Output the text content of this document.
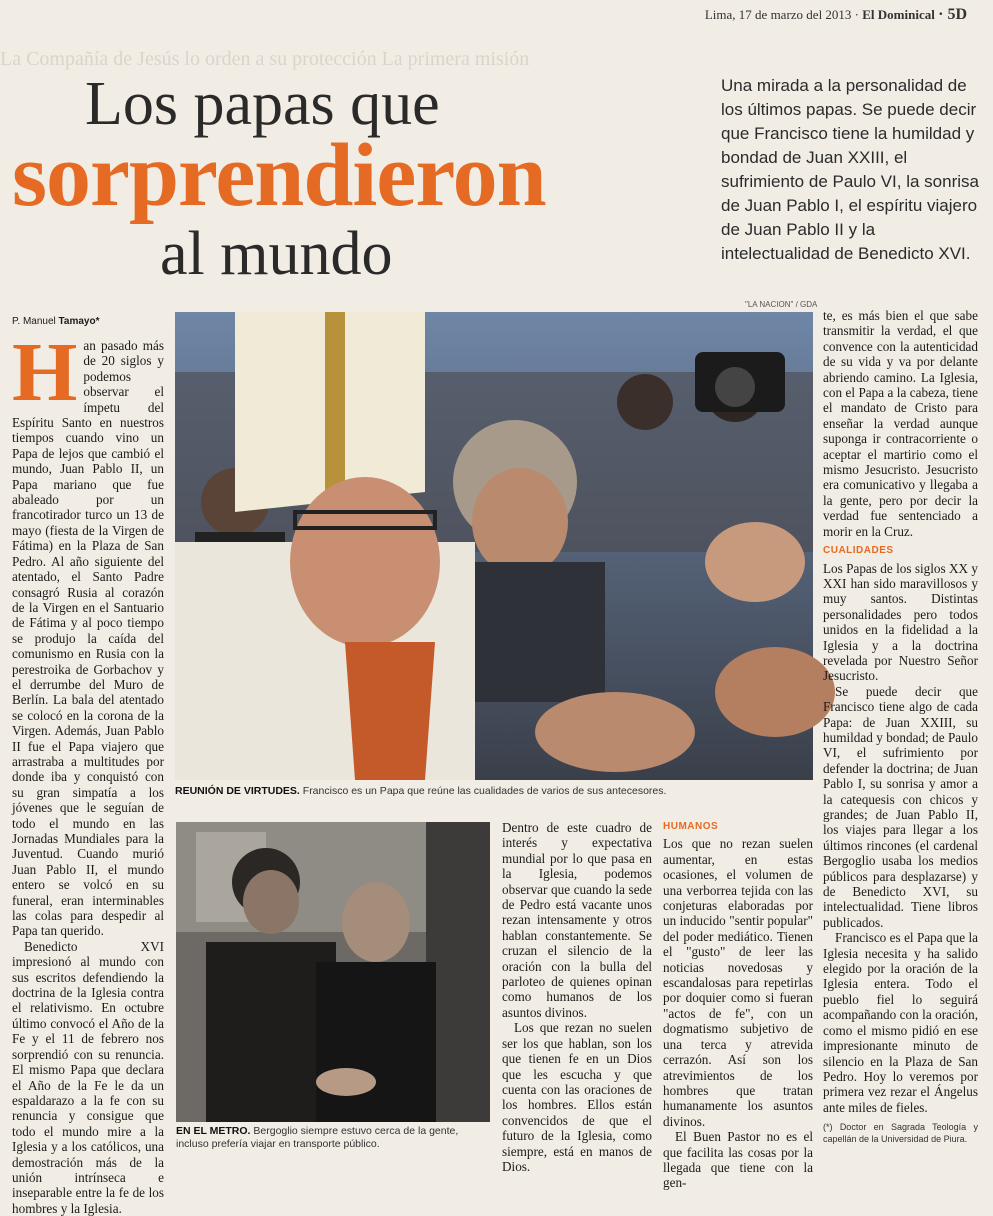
Lima, 17 de marzo del 2013 · El Dominical · 5D
La Compañía de Jesús lo orden a su protección La primera misión
Los papas que
sorprendieron
al mundo
Una mirada a la personalidad de los últimos papas. Se puede decir que Francisco tiene la humildad y bondad de Juan XXIII, el sufrimiento de Paulo VI, la sonrisa de Juan Pablo I, el espíritu viajero de Juan Pablo II y la intelectualidad de Benedicto XVI.
P. Manuel Tamayo*
"LA NACION" / GDA
H an pasado más de 20 siglos y podemos observar el ímpetu del Espíritu Santo en nuestros tiempos cuando vino un Papa de lejos que cambió el mundo, Juan Pablo II, un Papa mariano que fue abaleado por un francotirador turco un 13 de mayo (fiesta de la Virgen de Fátima) en la Plaza de San Pedro. Al año siguiente del atentado, el Santo Padre consagró Rusia al corazón de la Virgen en el Santuario de Fátima y al poco tiempo se produjo la caída del comunismo en Rusia con la perestroika de Gorbachov y el derrumbe del Muro de Berlín. La bala del atentado se colocó en la corona de la Virgen. Además, Juan Pablo II fue el Papa viajero que arrastraba a multitudes por donde iba y conquistó con su gran simpatía a los jóvenes que le seguían de todo el mundo en las Jornadas Mundiales para la Juventud. Cuando murió Juan Pablo II, el mundo entero se volcó en su funeral, eran interminables las colas para despedir al Papa tan querido.

Benedicto XVI impresionó al mundo con sus escritos defendiendo la doctrina de la Iglesia contra el relativismo. En octubre último convocó el Año de la Fe y el 11 de febrero nos sorprendió con su renuncia. El mismo Papa que declara el Año de la Fe le da un espaldarazo a la fe con su renuncia y consigue que todo el mundo mire a la Iglesia y a los católicos, una demostración más de la unión intrínseca e inseparable entre la fe de los hombres y la Iglesia.

REUNIÓN DE VIRTUDES. Francisco es un Papa que reúne las cualidades de varios de sus antecesores.
EN EL METRO. Bergoglio siempre estuvo cerca de la gente, incluso prefería viajar en transporte público.

Dentro de este cuadro de interés y expectativa mundial por lo que pasa en la Iglesia, podemos observar que cuando la sede de Pedro está vacante unos rezan intensamente y otros hablan constantemente. Se cruzan el silencio de la oración con la bulla del parloteo de quienes opinan como humanos de los asuntos divinos.

Los que rezan no suelen ser los que hablan, son los que tienen fe en un Dios que les escucha y que cuenta con las oraciones de los hombres. Ellos están convencidos de que el futuro de la Iglesia, como siempre, está en manos de Dios.

HUMANOS

Los que no rezan suelen aumentar, en estas ocasiones, el volumen de una verborrea tejida con las conjeturas elaboradas por un inducido "sentir popular" del poder mediático. Tienen el "gusto" de leer las noticias novedosas y escandalosas para repetirlas por doquier como si fueran "actos de fe", con un dogmatismo subjetivo de una terca y atrevida cerrazón. Así son los atrevimientos de los hombres que tratan humanamente los asuntos divinos.

El Buen Pastor no es el que facilita las cosas por la llegada que tiene con la gen-

te, es más bien el que sabe transmitir la verdad, el que convence con la autenticidad de su vida y va por delante abriendo camino. La Iglesia, con el Papa a la cabeza, tiene el mandato de Cristo para enseñar la verdad aunque suponga ir contracorriente o aceptar el martirio como el mismo Jesucristo. Jesucristo era comunicativo y llegaba a la gente, pero por decir la verdad fue sentenciado a morir en la Cruz.

CUALIDADES

Los Papas de los siglos XX y XXI han sido maravillosos y muy santos. Distintas personalidades pero todos unidos en la fidelidad a la Iglesia y a la doctrina revelada por Nuestro Señor Jesucristo.

Se puede decir que Francisco tiene algo de cada Papa: de Juan XXIII, su humildad y bondad; de Paulo VI, el sufrimiento por defender la doctrina; de Juan Pablo I, su sonrisa y amor a la catequesis con chicos y grandes; de Juan Pablo II, los viajes para llegar a los últimos rincones (el cardenal Bergoglio usaba los medios públicos para desplazarse) y de Benedicto XVI, su intelectualidad. Tiene libros publicados.

Francisco es el Papa que la Iglesia necesita y ha salido elegido por la oración de la Iglesia entera. Todo el pueblo fiel lo seguirá acompañando con la oración, como el mismo pidió en ese impresionante minuto de silencio en la Plaza de San Pedro. Hoy lo veremos por primera vez rezar el Ángelus ante miles de fieles.

(*) Doctor en Sagrada Teología y capellán de la Universidad de Piura.
